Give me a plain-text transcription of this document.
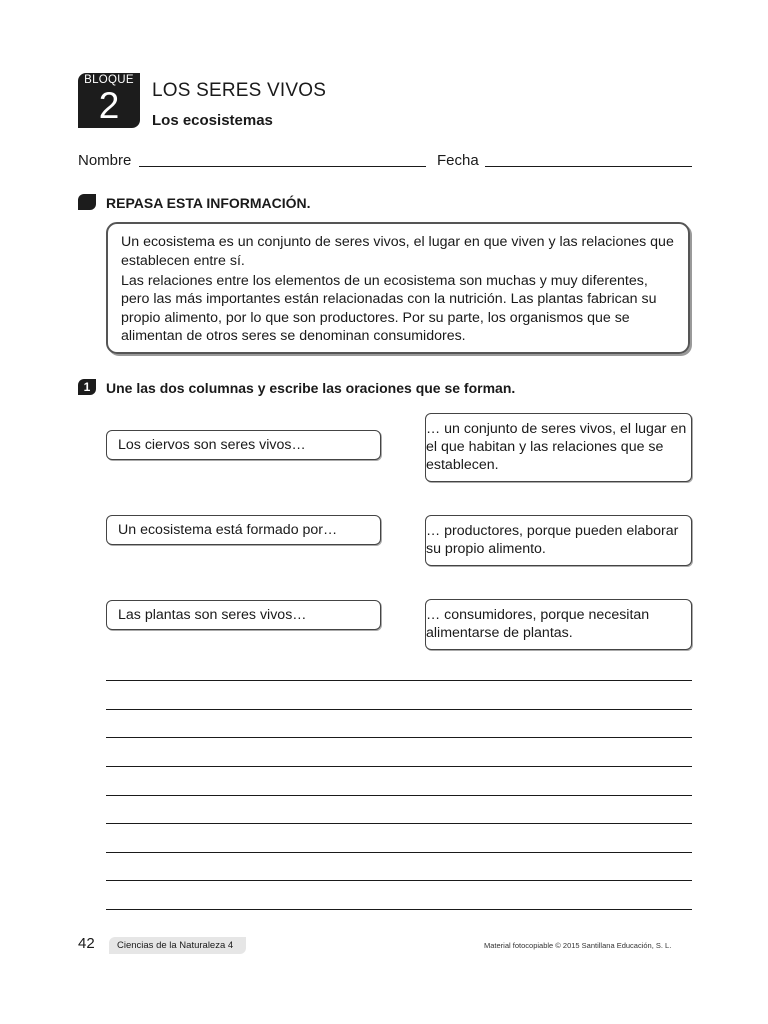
BLOQUE
2	LOS SERES VIVOS
Los ecosistemas
Nombre	Fecha
REPASA ESTA INFORMACIÓN.

Un ecosistema es un conjunto de seres vivos, el lugar en que viven y las relaciones que establecen entre sí.

Las relaciones entre los elementos de un ecosistema son muchas y muy diferentes, pero las más importantes están relacionadas con la nutrición. Las plantas fabrican su propio alimento, por lo que son productores. Por su parte, los organismos que se alimentan de otros seres se denominan consumidores.

1	Une las dos columnas y escribe las oraciones que se forman.
Los ciervos son seres vivos…
Un ecosistema está formado por…
Las plantas son seres vivos…
… un conjunto de seres vivos, el lugar en el que habitan y las relaciones que se establecen.
… productores, porque pueden elaborar su propio alimento.
… consumidores, porque necesitan alimentarse de plantas.
42	Ciencias de la Naturaleza 4	Material fotocopiable © 2015 Santillana Educación, S. L.
